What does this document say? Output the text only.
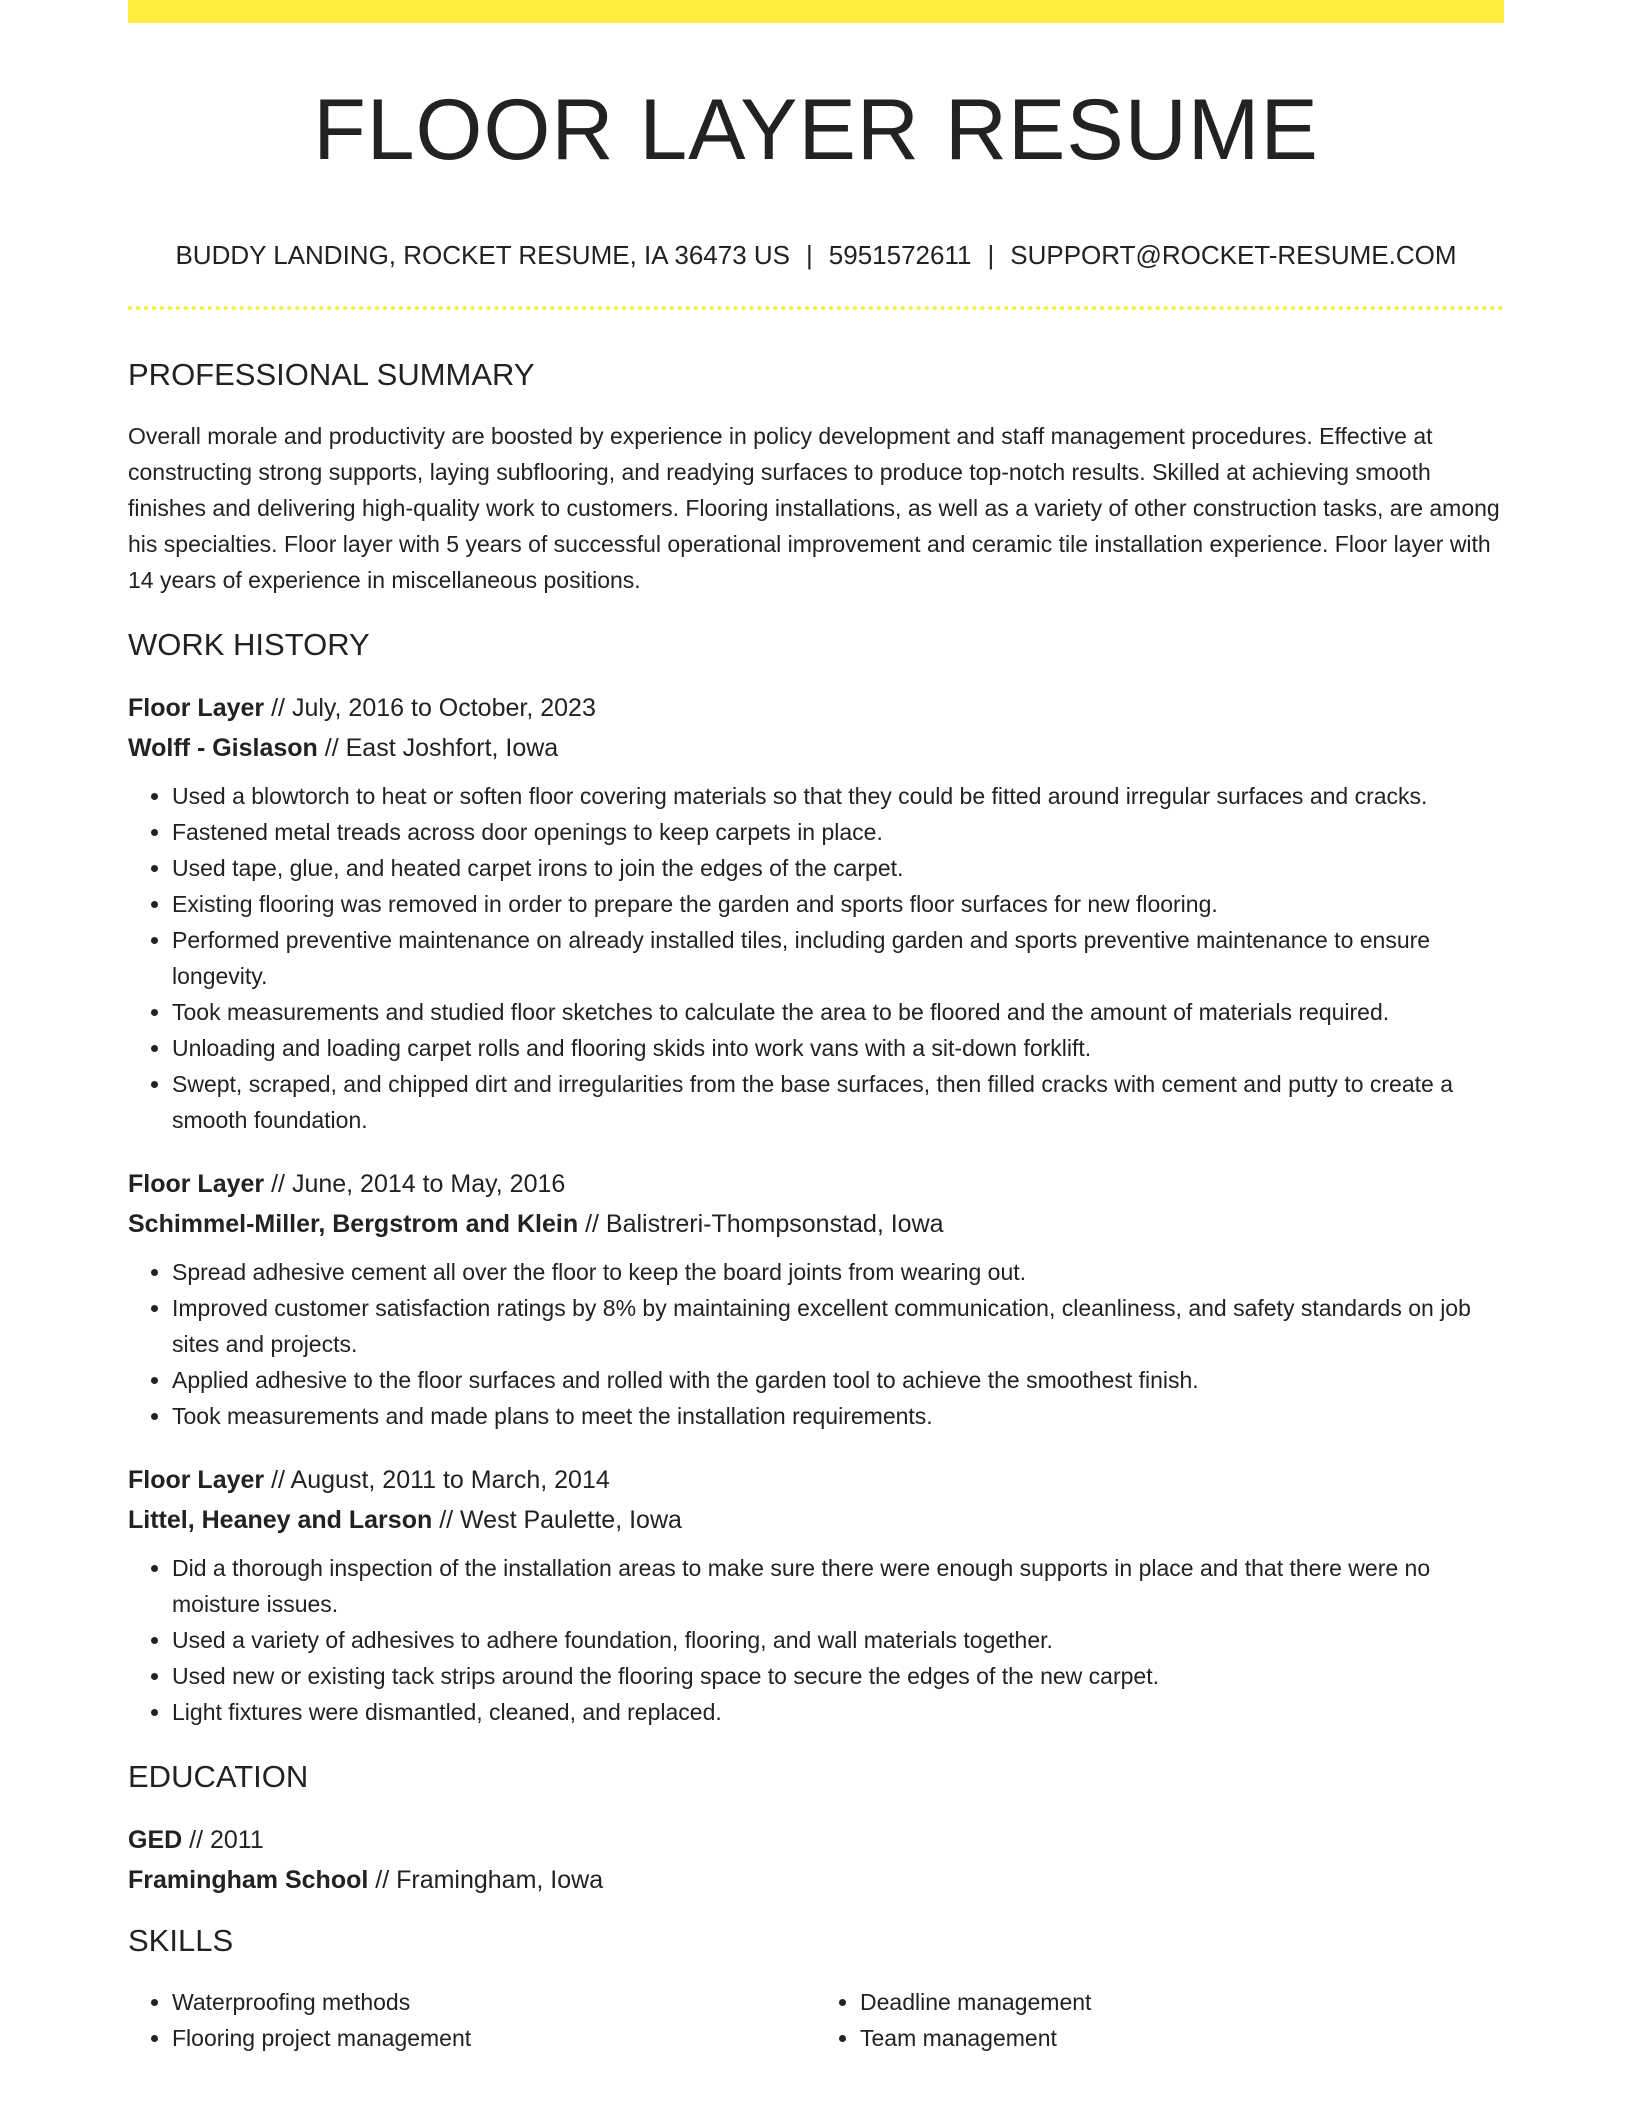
FLOOR LAYER RESUME
BUDDY LANDING, ROCKET RESUME, IA 36473 US | 5951572611 | SUPPORT@ROCKET-RESUME.COM
PROFESSIONAL SUMMARY

Overall morale and productivity are boosted by experience in policy development and staff management procedures. Effective at constructing strong supports, laying subflooring, and readying surfaces to produce top-notch results. Skilled at achieving smooth finishes and delivering high-quality work to customers. Flooring installations, as well as a variety of other construction tasks, are among his specialties. Floor layer with 5 years of successful operational improvement and ceramic tile installation experience. Floor layer with 14 years of experience in miscellaneous positions.

WORK HISTORY
Floor Layer // July, 2016 to October, 2023
Wolff - Gislason // East Joshfort, Iowa
• Used a blowtorch to heat or soften floor covering materials so that they could be fitted around irregular surfaces and cracks.
• Fastened metal treads across door openings to keep carpets in place.
• Used tape, glue, and heated carpet irons to join the edges of the carpet.
• Existing flooring was removed in order to prepare the garden and sports floor surfaces for new flooring.
• Performed preventive maintenance on already installed tiles, including garden and sports preventive maintenance to ensure longevity.
• Took measurements and studied floor sketches to calculate the area to be floored and the amount of materials required.
• Unloading and loading carpet rolls and flooring skids into work vans with a sit-down forklift.
• Swept, scraped, and chipped dirt and irregularities from the base surfaces, then filled cracks with cement and putty to create a smooth foundation.
Floor Layer // June, 2014 to May, 2016
Schimmel-Miller, Bergstrom and Klein // Balistreri-Thompsonstad, Iowa
• Spread adhesive cement all over the floor to keep the board joints from wearing out.
• Improved customer satisfaction ratings by 8% by maintaining excellent communication, cleanliness, and safety standards on job sites and projects.
• Applied adhesive to the floor surfaces and rolled with the garden tool to achieve the smoothest finish.
• Took measurements and made plans to meet the installation requirements.
Floor Layer // August, 2011 to March, 2014
Littel, Heaney and Larson // West Paulette, Iowa
• Did a thorough inspection of the installation areas to make sure there were enough supports in place and that there were no moisture issues.
• Used a variety of adhesives to adhere foundation, flooring, and wall materials together.
• Used new or existing tack strips around the flooring space to secure the edges of the new carpet.
• Light fixtures were dismantled, cleaned, and replaced.
EDUCATION
GED // 2011
Framingham School // Framingham, Iowa
SKILLS
• Waterproofing methods
• Flooring project management
• Deadline management
• Team management
